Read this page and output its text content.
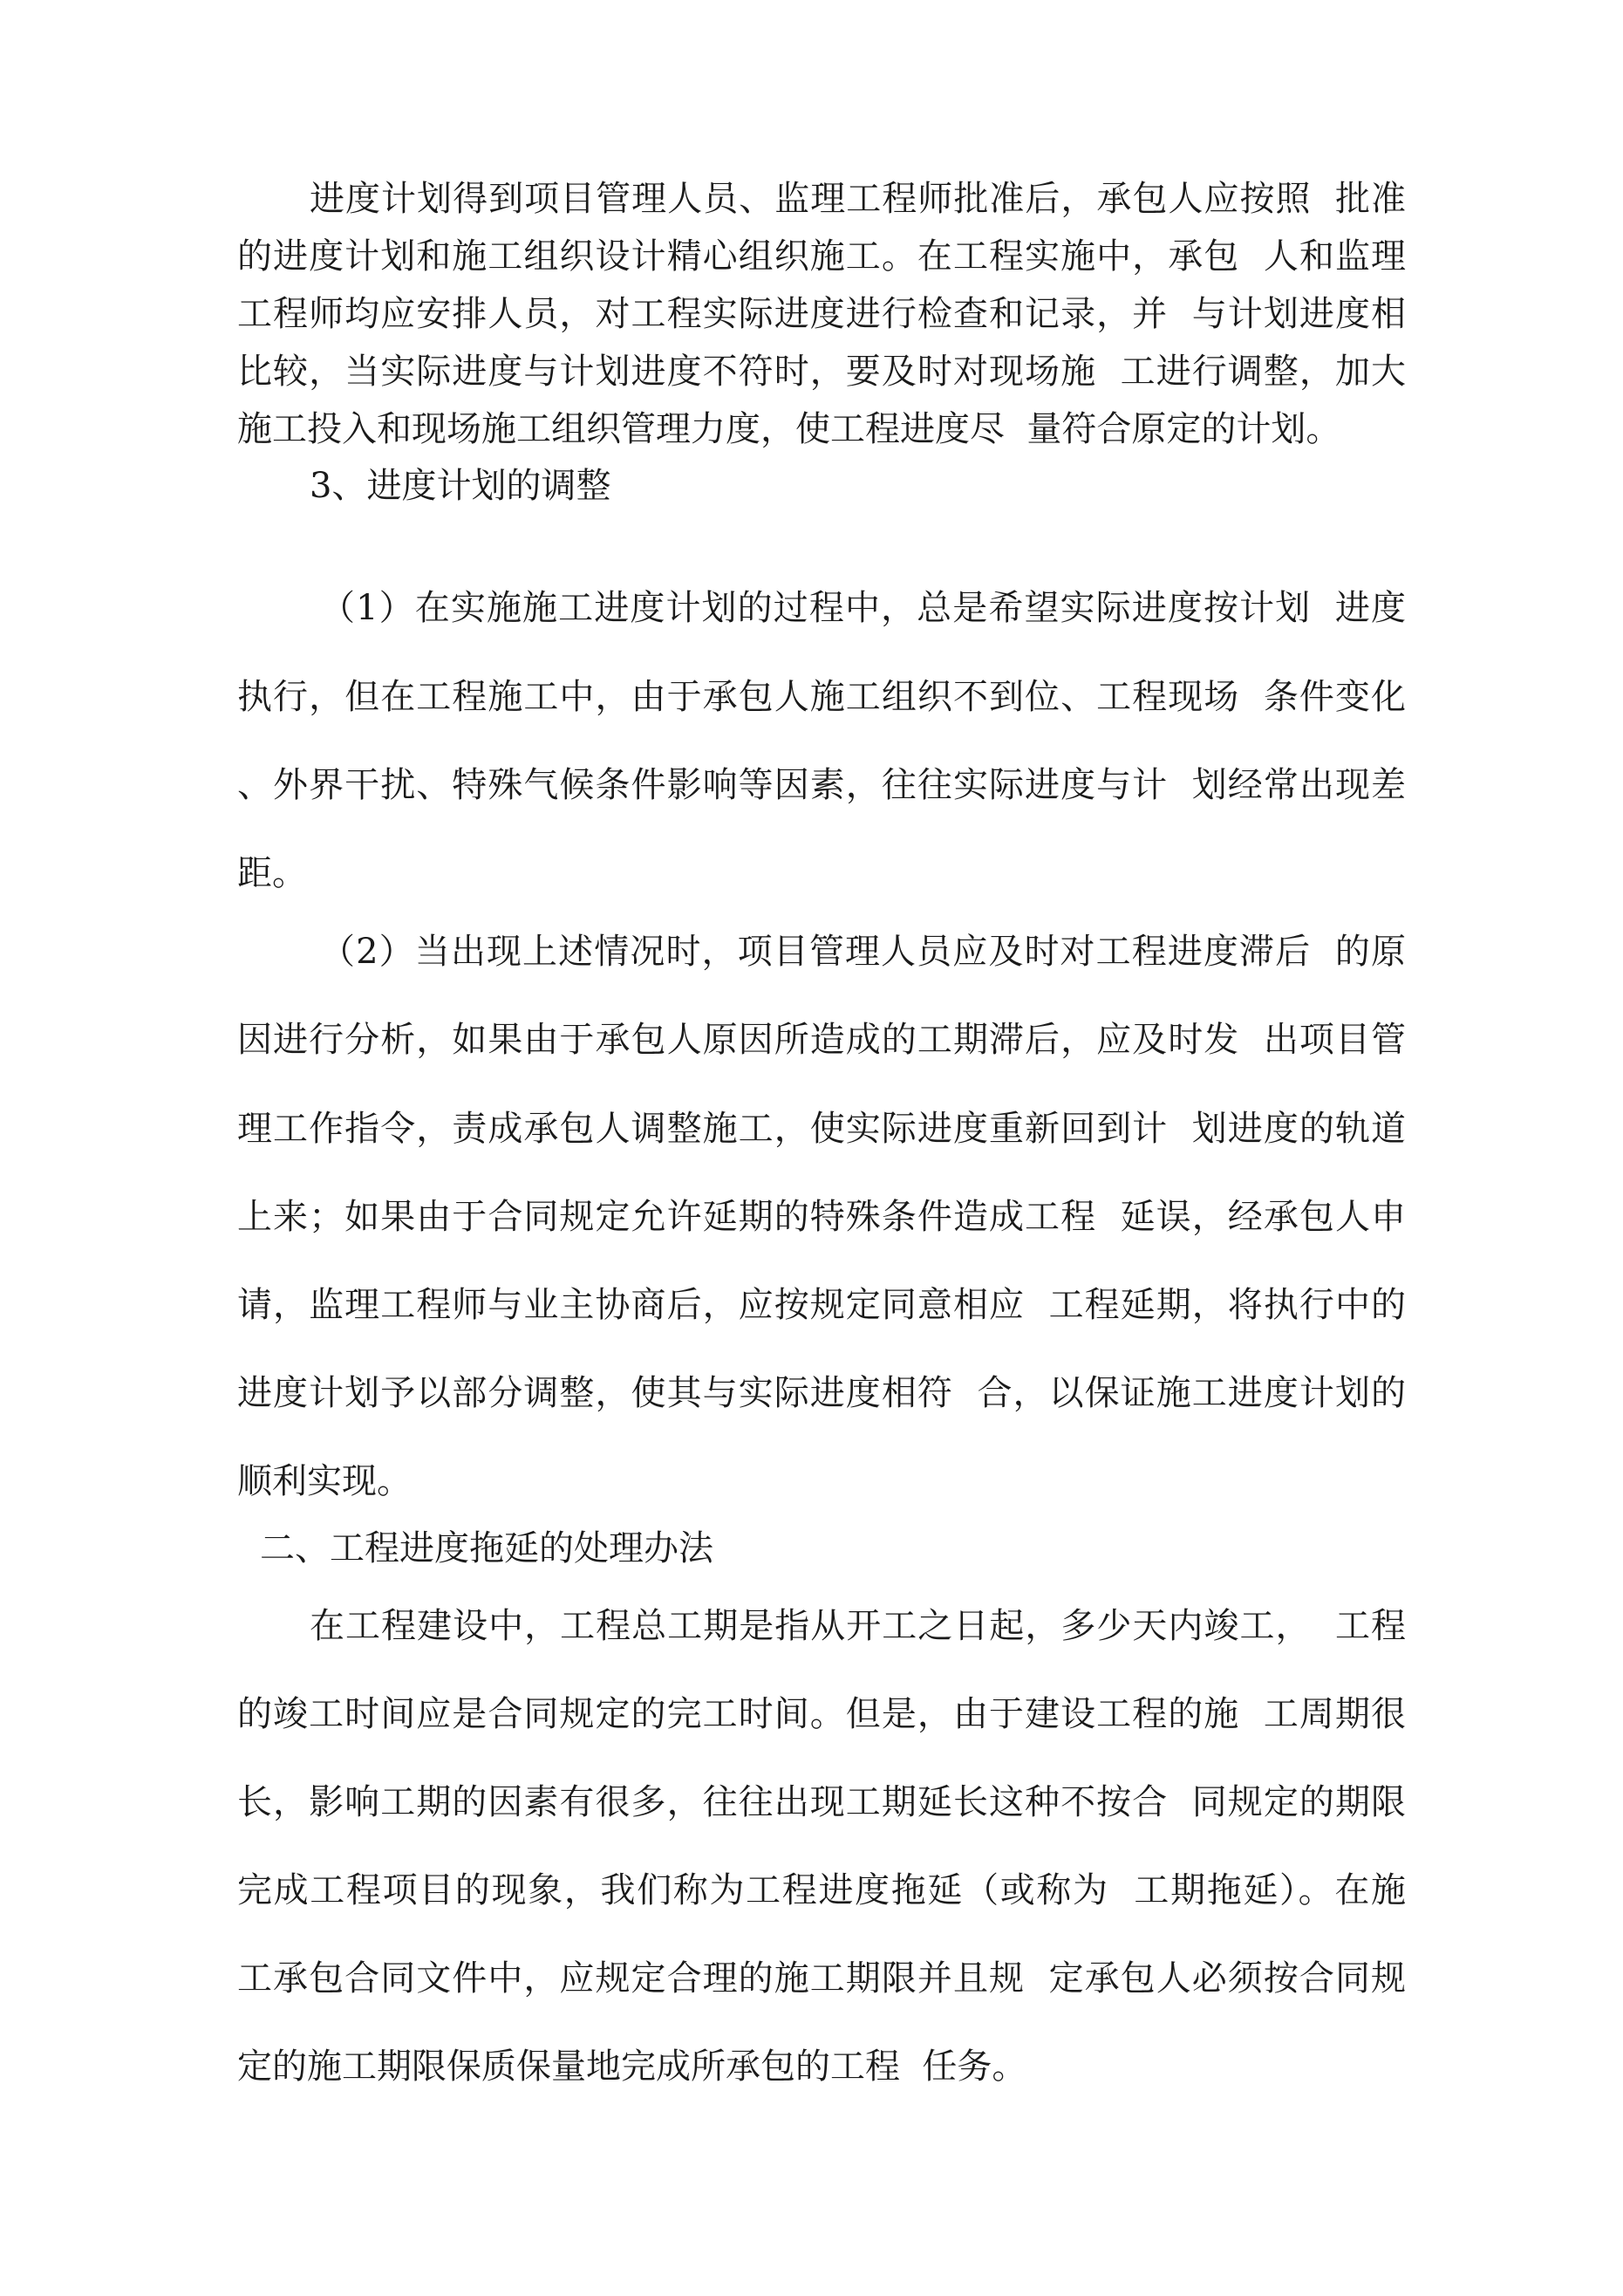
进度计划得到项目管理人员、监理工程师批准后，承包人应按照  批准
的进度计划和施工组织设计精心组织施工。在工程实施中，承包  人和监理
工程师均应安排人员，对工程实际进度进行检查和记录，并  与计划进度相
比较，当实际进度与计划进度不符时，要及时对现场施  工进行调整，加大
施工投入和现场施工组织管理力度，使工程进度尽  量符合原定的计划。
3、进度计划的调整
（1）在实施施工进度计划的过程中，总是希望实际进度按计划  进度
执行，但在工程施工中，由于承包人施工组织不到位、工程现场  条件变化
、外界干扰、特殊气候条件影响等因素，往往实际进度与计  划经常出现差
距。
（2）当出现上述情况时，项目管理人员应及时对工程进度滞后  的原
因进行分析，如果由于承包人原因所造成的工期滞后，应及时发  出项目管
理工作指令，责成承包人调整施工，使实际进度重新回到计  划进度的轨道
上来；如果由于合同规定允许延期的特殊条件造成工程  延误，经承包人申
请，监理工程师与业主协商后，应按规定同意相应  工程延期，将执行中的
进度计划予以部分调整，使其与实际进度相符  合，以保证施工进度计划的
顺利实现。
二、工程进度拖延的处理办法
在工程建设中，工程总工期是指从开工之日起，多少天内竣工，  工程
的竣工时间应是合同规定的完工时间。但是，由于建设工程的施  工周期很
长，影响工期的因素有很多，往往出现工期延长这种不按合  同规定的期限
完成工程项目的现象，我们称为工程进度拖延（或称为  工期拖延）。在施
工承包合同文件中，应规定合理的施工期限并且规  定承包人必须按合同规
定的施工期限保质保量地完成所承包的工程  任务。
